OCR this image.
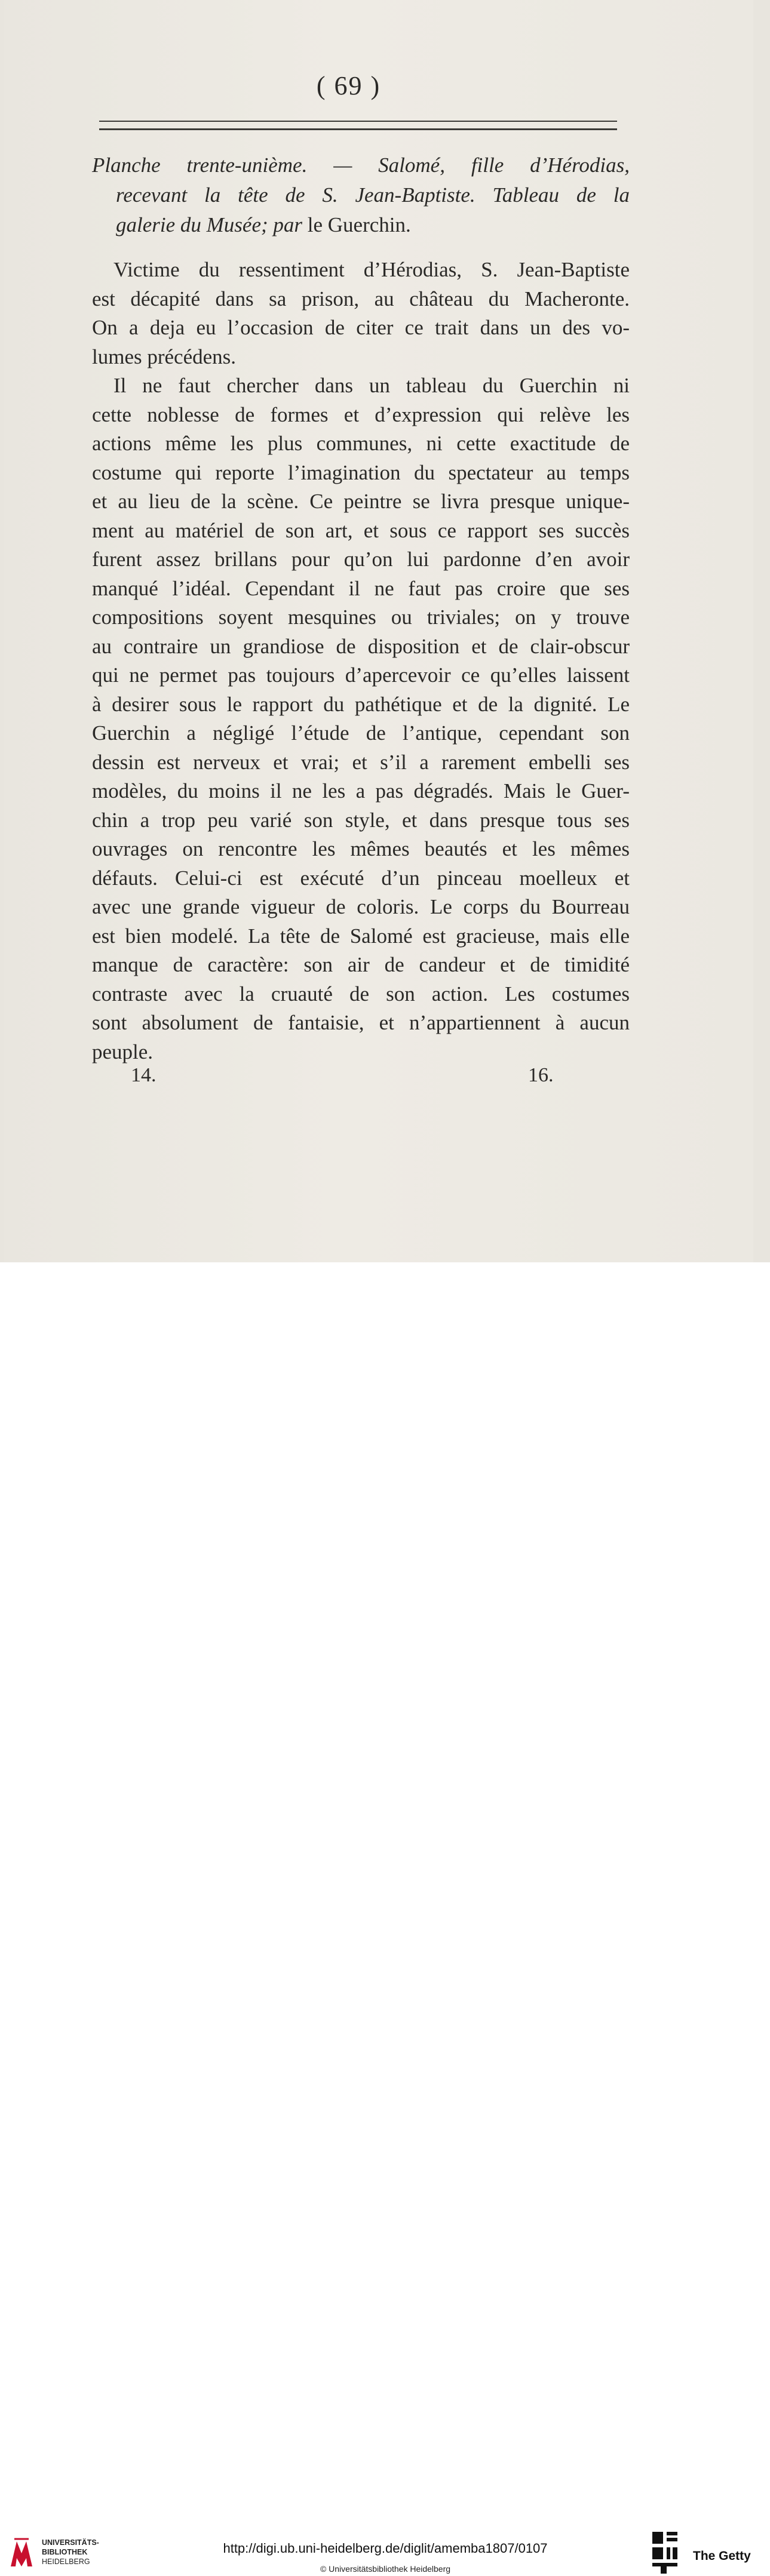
( 69 )
Planche trente-unième. — Salomé, fille d’Hérodias,
recevant la tête de S. Jean-Baptiste. Tableau de la
galerie du Musée; par le Guerchin.
Victime du ressentiment d’Hérodias, S. Jean-Baptiste
est décapité dans sa prison, au château du Macheronte.
On a deja eu l’occasion de citer ce trait dans un des vo-
lumes précédens.
Il ne faut chercher dans un tableau du Guerchin ni
cette noblesse de formes et d’expression qui relève les
actions même les plus communes, ni cette exactitude de
costume qui reporte l’imagination du spectateur au temps
et au lieu de la scène. Ce peintre se livra presque unique-
ment au matériel de son art, et sous ce rapport ses succès
furent assez brillans pour qu’on lui pardonne d’en avoir
manqué l’idéal. Cependant il ne faut pas croire que ses
compositions soyent mesquines ou triviales; on y trouve
au contraire un grandiose de disposition et de clair-obscur
qui ne permet pas toujours d’apercevoir ce qu’elles laissent
à desirer sous le rapport du pathétique et de la dignité. Le
Guerchin a négligé l’étude de l’antique, cependant son
dessin est nerveux et vrai; et s’il a rarement embelli ses
modèles, du moins il ne les a pas dégradés. Mais le Guer-
chin a trop peu varié son style, et dans presque tous ses
ouvrages on rencontre les mêmes beautés et les mêmes
défauts. Celui-ci est exécuté d’un pinceau moelleux et
avec une grande vigueur de coloris. Le corps du Bourreau
est bien modelé. La tête de Salomé est gracieuse, mais elle
manque de caractère: son air de candeur et de timidité
contraste avec la cruauté de son action. Les costumes
sont absolument de fantaisie, et n’appartiennent à aucun
peuple.
14.	16.
UNIVERSITÄTS-
BIBLIOTHEK
HEIDELBERG
http://digi.ub.uni-heidelberg.de/diglit/amemba1807/0107
© Universitätsbibliothek Heidelberg
The Getty
